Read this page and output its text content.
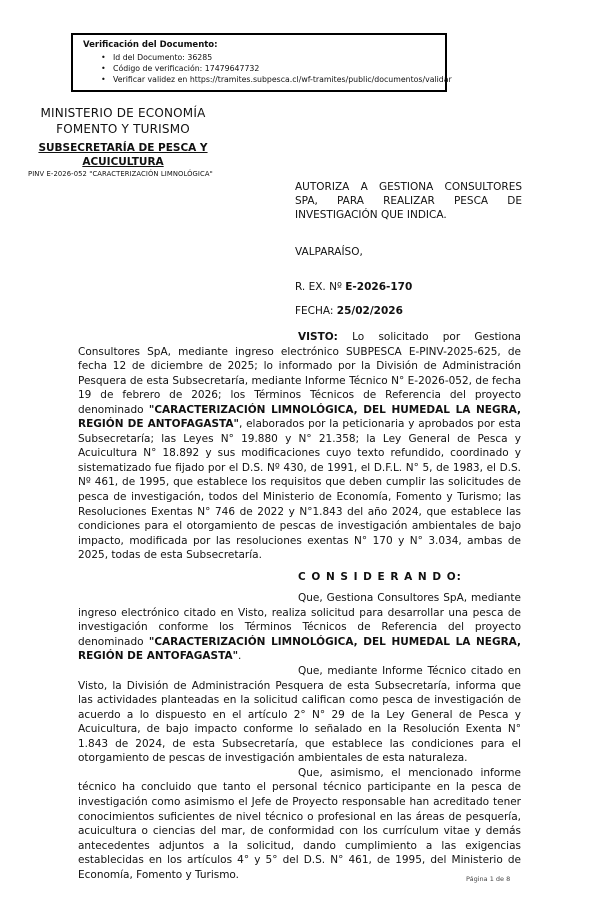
Verificación del Documento:
• Id del Documento: 36285
• Código de verificación: 17479647732
• Verificar validez en https://tramites.subpesca.cl/wf-tramites/public/documentos/validar
MINISTERIO DE ECONOMÍA
FOMENTO Y TURISMO
SUBSECRETARÍA DE PESCA Y ACUICULTURA
PINV E-2026-052 "CARACTERIZACIÓN LIMNOLÓGICA"
AUTORIZA A GESTIONA CONSULTORES SPA, PARA REALIZAR PESCA DE INVESTIGACIÓN QUE INDICA.
VALPARAÍSO,
R. EX. Nº E-2026-170
FECHA: 25/02/2026

VISTO: Lo solicitado por Gestiona Consultores SpA, mediante ingreso electrónico SUBPESCA E-PINV-2025-625, de fecha 12 de diciembre de 2025; lo informado por la División de Administración Pesquera de esta Subsecretaría, mediante Informe Técnico N° E-2026-052, de fecha 19 de febrero de 2026; los Términos Técnicos de Referencia del proyecto denominado "CARACTERIZACIÓN LIMNOLÓGICA, DEL HUMEDAL LA NEGRA, REGIÓN DE ANTOFAGASTA", elaborados por la peticionaria y aprobados por esta Subsecretaría; las Leyes N° 19.880 y N° 21.358; la Ley General de Pesca y Acuicultura N° 18.892 y sus modificaciones cuyo texto refundido, coordinado y sistematizado fue fijado por el D.S. Nº 430, de 1991, el D.F.L. N° 5, de 1983, el D.S. Nº 461, de 1995, que establece los requisitos que deben cumplir las solicitudes de pesca de investigación, todos del Ministerio de Economía, Fomento y Turismo; las Resoluciones Exentas N° 746 de 2022 y N°1.843 del año 2024, que establece las condiciones para el otorgamiento de pescas de investigación ambientales de bajo impacto, modificada por las resoluciones exentas N° 170 y N° 3.034, ambas de 2025, todas de esta Subsecretaría.

C O N S I D E R A N D O:

Que, Gestiona Consultores SpA, mediante ingreso electrónico citado en Visto, realiza solicitud para desarrollar una pesca de investigación conforme los Términos Técnicos de Referencia del proyecto denominado "CARACTERIZACIÓN LIMNOLÓGICA, DEL HUMEDAL LA NEGRA, REGIÓN DE ANTOFAGASTA".

Que, mediante Informe Técnico citado en Visto, la División de Administración Pesquera de esta Subsecretaría, informa que las actividades planteadas en la solicitud califican como pesca de investigación de acuerdo a lo dispuesto en el artículo 2° N° 29 de la Ley General de Pesca y Acuicultura, de bajo impacto conforme lo señalado en la Resolución Exenta N° 1.843 de 2024, de esta Subsecretaría, que establece las condiciones para el otorgamiento de pescas de investigación ambientales de esta naturaleza.

Que, asimismo, el mencionado informe técnico ha concluido que tanto el personal técnico participante en la pesca de investigación como asimismo el Jefe de Proyecto responsable han acreditado tener conocimientos suficientes de nivel técnico o profesional en las áreas de pesquería, acuicultura o ciencias del mar, de conformidad con los currículum vitae y demás antecedentes adjuntos a la solicitud, dando cumplimiento a las exigencias establecidas en los artículos 4° y 5° del D.S. N° 461, de 1995, del Ministerio de Economía, Fomento y Turismo.	Página 1 de 8
